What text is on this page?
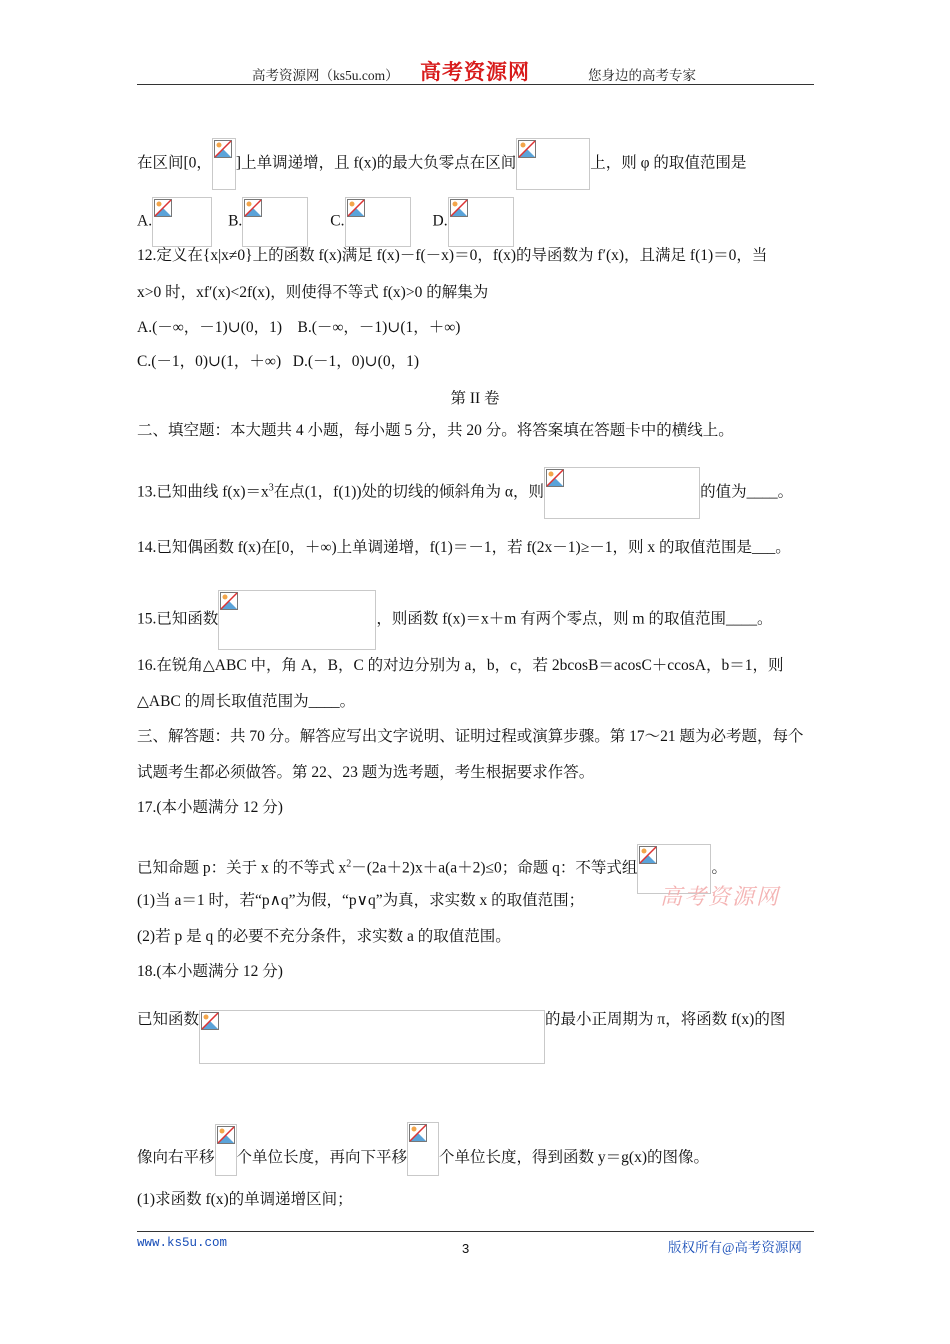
高考资源网（ks5u.com） 高考资源网	您身边的高考专家
在区间[0， ]上单调递增，且 f(x)的最大负零点在区间	上，则 φ 的取值范围是
A.	B.	C.	D.
12.定义在{x|x≠0}上的函数 f(x)满足 f(x)－f(－x)＝0，f(x)的导函数为 f′(x)，且满足 f(1)＝0，当
x>0 时，xf′(x)<2f(x)，则使得不等式 f(x)>0 的解集为
A.(－∞，－1)∪(0，1)    B.(－∞，－1)∪(1，＋∞)
C.(－1，0)∪(1，＋∞)   D.(－1，0)∪(0，1)
第 II 卷
二、填空题：本大题共 4 小题，每小题 5 分，共 20 分。将答案填在答题卡中的横线上。
13.已知曲线 $f(x)=x^3$在点(1，f(1))处的切线的倾斜角为 α，则	的值为____。
14.已知偶函数 f(x)在[0，＋∞)上单调递增，f(1)＝－1，若 f(2x－1)≥－1，则 x 的取值范围是___。
15.已知函数	，则函数 f(x)＝x＋m 有两个零点，则 m 的取值范围____。
16.在锐角△ABC 中，角 A，B，C 的对边分别为 a，b，c，若 2bcosB＝acosC＋ccosA，b＝1，则
△ABC 的周长取值范围为____。
三、解答题：共 70 分。解答应写出文字说明、证明过程或演算步骤。第 17～21 题为必考题，每个
试题考生都必须做答。第 22、23 题为选考题，考生根据要求作答。
17.(本小题满分 12 分)
已知命题 p：关于 x 的不等式 $x^2-(2a+2)x+a(a+2)\le 0$；命题 q：不等式组	。
(1)当 a＝1 时，若“p∧q”为假，“p∨q”为真，求实数 x 的取值范围；	高考资源网
(2)若 p 是 q 的必要不充分条件，求实数 a 的取值范围。
18.(本小题满分 12 分)
已知函数	的最小正周期为 π，将函数 f(x)的图
像向右平移 个单位长度，再向下平移 个单位长度，得到函数 y＝g(x)的图像。
(1)求函数 f(x)的单调递增区间；
www.ks5u.com	3	版权所有@高考资源网
